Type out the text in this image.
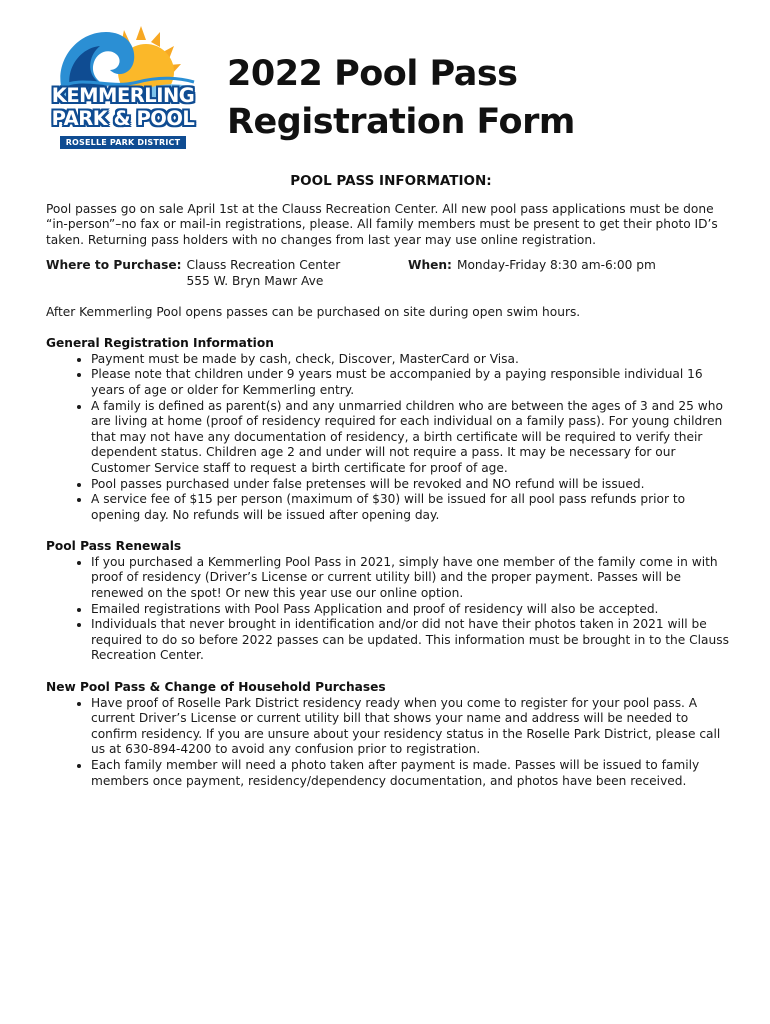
KEMMERLING
PARK & POOL
ROSELLE PARK DISTRICT
2022 Pool Pass
Registration Form
POOL PASS INFORMATION:

Pool passes go on sale April 1st at the Clauss Recreation Center. All new pool pass applications must be done “in-person”–no fax or mail-in registrations, please. All family members must be present to get their photo ID’s taken. Returning pass holders with no changes from last year may use online registration.

Where to Purchase: Clauss Recreation Center
555 W. Bryn Mawr Ave
When: Monday-Friday 8:30 am-6:00 pm

After Kemmerling Pool opens passes can be purchased on site during open swim hours.

General Registration Information
• Payment must be made by cash, check, Discover, MasterCard or Visa.
• Please note that children under 9 years must be accompanied by a paying responsible individual 16 years of age or older for Kemmerling entry.
• A family is defined as parent(s) and any unmarried children who are between the ages of 3 and 25 who are living at home (proof of residency required for each individual on a family pass). For young children that may not have any documentation of residency, a birth certificate will be required to verify their dependent status. Children age 2 and under will not require a pass. It may be necessary for our Customer Service staff to request a birth certificate for proof of age.
• Pool passes purchased under false pretenses will be revoked and NO refund will be issued.
• A service fee of $15 per person (maximum of $30) will be issued for all pool pass refunds prior to opening day. No refunds will be issued after opening day.
Pool Pass Renewals
• If you purchased a Kemmerling Pool Pass in 2021, simply have one member of the family come in with proof of residency (Driver’s License or current utility bill) and the proper payment. Passes will be renewed on the spot! Or new this year use our online option.
• Emailed registrations with Pool Pass Application and proof of residency will also be accepted.
• Individuals that never brought in identification and/or did not have their photos taken in 2021 will be required to do so before 2022 passes can be updated. This information must be brought in to the Clauss Recreation Center.
New Pool Pass & Change of Household Purchases
• Have proof of Roselle Park District residency ready when you come to register for your pool pass. A current Driver’s License or current utility bill that shows your name and address will be needed to confirm residency. If you are unsure about your residency status in the Roselle Park District, please call us at 630-894-4200 to avoid any confusion prior to registration.
• Each family member will need a photo taken after payment is made. Passes will be issued to family members once payment, residency/dependency documentation, and photos have been received.
